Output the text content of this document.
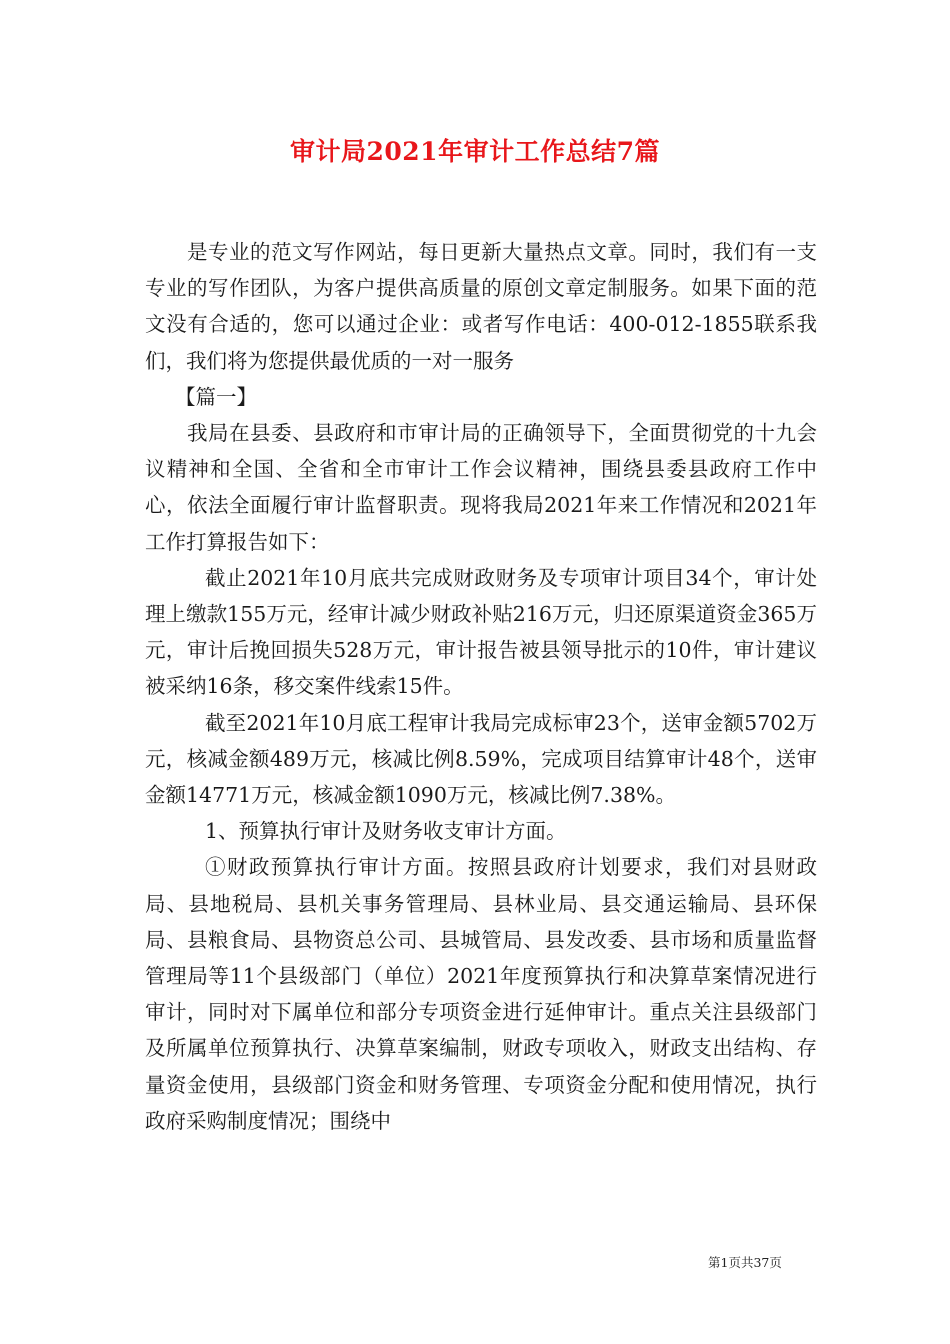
审计局2021年审计工作总结7篇

是专业的范文写作网站，每日更新大量热点文章。同时，我们有一支专业的写作团队，为客户提供高质量的原创文章定制服务。如果下面的范文没有合适的，您可以通过企业：或者写作电话：400-012-1855联系我们，我们将为您提供最优质的一对一服务

【篇一】

我局在县委、县政府和市审计局的正确领导下，全面贯彻党的十九会议精神和全国、全省和全市审计工作会议精神，围绕县委县政府工作中心，依法全面履行审计监督职责。现将我局2021年来工作情况和2021年工作打算报告如下：

截止2021年10月底共完成财政财务及专项审计项目34个，审计处理上缴款155万元，经审计减少财政补贴216万元，归还原渠道资金365万元，审计后挽回损失528万元，审计报告被县领导批示的10件，审计建议被采纳16条，移交案件线索15件。

截至2021年10月底工程审计我局完成标审23个，送审金额5702万元，核减金额489万元，核减比例8.59%，完成项目结算审计48个，送审金额14771万元，核减金额1090万元，核减比例7.38%。

1、预算执行审计及财务收支审计方面。

①财政预算执行审计方面。按照县政府计划要求，我们对县财政局、县地税局、县机关事务管理局、县林业局、县交通运输局、县环保局、县粮食局、县物资总公司、县城管局、县发改委、县市场和质量监督管理局等11个县级部门（单位）2021年度预算执行和决算草案情况进行审计，同时对下属单位和部分专项资金进行延伸审计。重点关注县级部门及所属单位预算执行、决算草案编制，财政专项收入，财政支出结构、存量资金使用，县级部门资金和财务管理、专项资金分配和使用情况，执行政府采购制度情况；围绕中

第1页共37页
